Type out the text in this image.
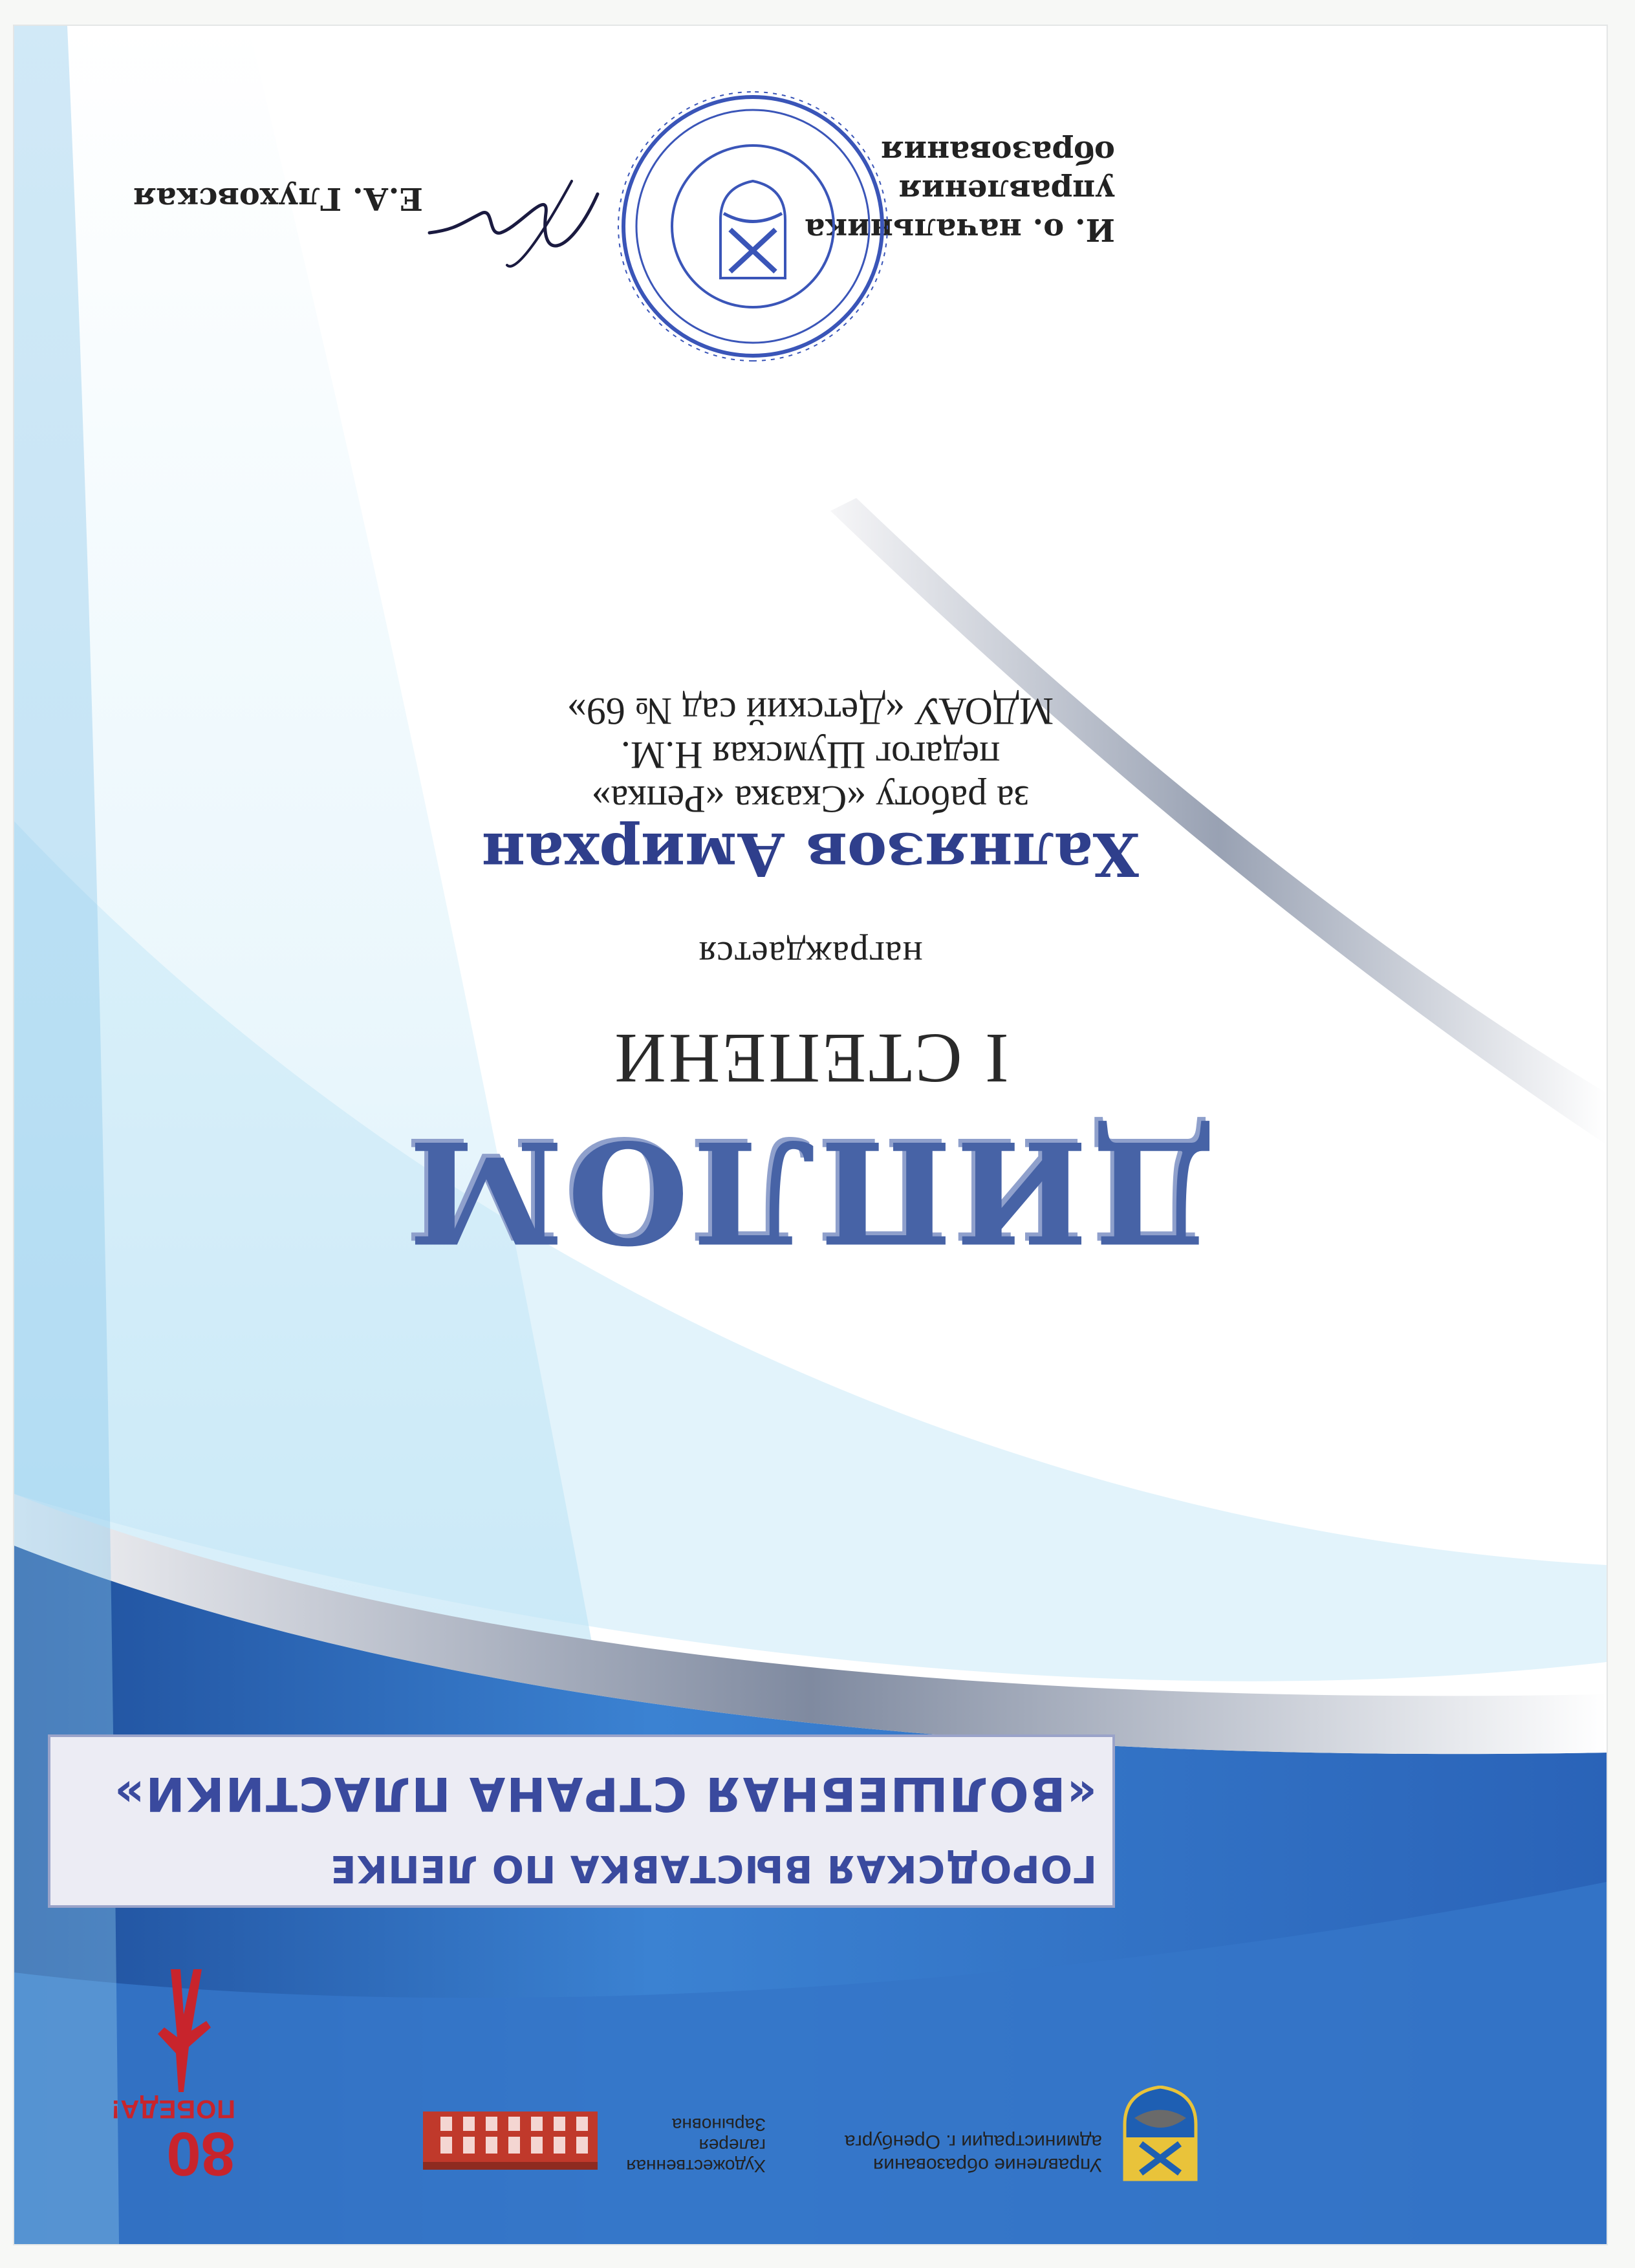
Управление образования
администрации г. Оренбурга
Художественная
галерея
Зарыновна
80
ПОБЕДА!
ГОРОДСКАЯ ВЫСТАВКА ПО ЛЕПКЕ
«ВОЛШЕБНАЯ СТРАНА ПЛАСТИКИ»
ДИПЛОМ
I СТЕПЕНИ
награждается
Халнязов Амирхан
за работу «Сказка «Репка»
педагог Шумская Н.М.
МДОАУ «Детский сад № 69»
И. о. начальника
управления образования
Е.А. Глуховская
